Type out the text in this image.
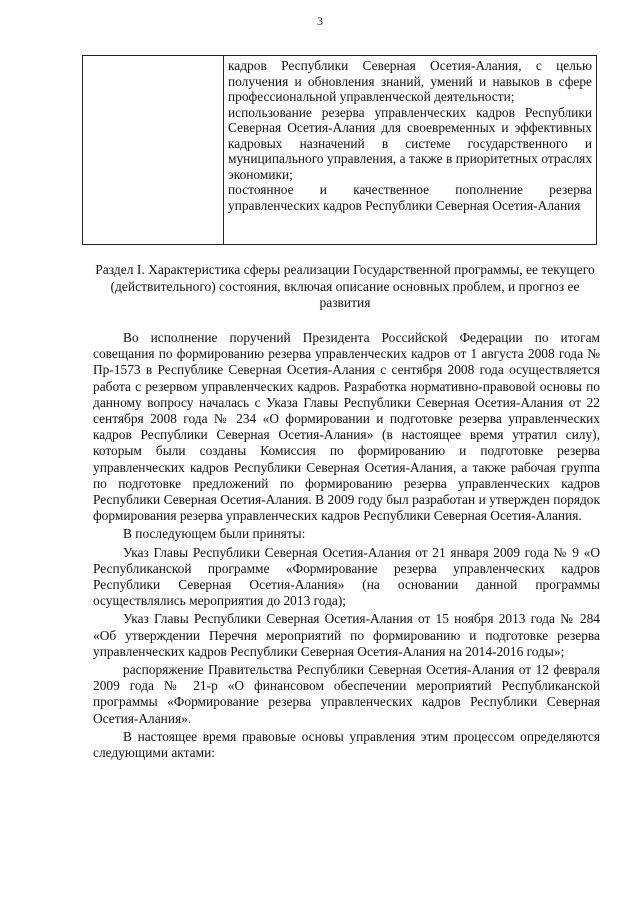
3

кадров Республики Северная Осетия-Алания, с целью получения и обновления знаний, умений и навыков в сфере профессиональной управленческой деятельности;

использование резерва управленческих кадров Республики Северная Осетия-Алания для своевременных и эффективных кадровых назначений в системе государственного и муниципального управления, а также в приоритетных отраслях экономики;

постоянное и качественное пополнение резерва управленческих кадров Республики Северная Осетия-Алания

Раздел I. Характеристика сферы реализации Государственной программы, ее текущего (действительного) состояния, включая описание основных проблем, и прогноз ее развития

Во исполнение поручений Президента Российской Федерации по итогам совещания по формированию резерва управленческих кадров от 1 августа 2008 года № Пр-1573 в Республике Северная Осетия-Алания с сентября 2008 года осуществляется работа с резервом управленческих кадров. Разработка нормативно-правовой основы по данному вопросу началась с Указа Главы Республики Северная Осетия-Алания от 22 сентября 2008 года № 234 «О формировании и подготовке резерва управленческих кадров Республики Северная Осетия-Алания» (в настоящее время утратил силу), которым были созданы Комиссия по формированию и подготовке резерва управленческих кадров Республики Северная Осетия-Алания, а также рабочая группа по подготовке предложений по формированию резерва управленческих кадров Республики Северная Осетия-Алания. В 2009 году был разработан и утвержден порядок формирования резерва управленческих кадров Республики Северная Осетия-Алания.

В последующем были приняты:

Указ Главы Республики Северная Осетия-Алания от 21 января 2009 года № 9 «О Республиканской программе «Формирование резерва управленческих кадров Республики Северная Осетия-Алания» (на основании данной программы осуществлялись мероприятия до 2013 года);

Указ Главы Республики Северная Осетия-Алания от 15 ноября 2013 года № 284 «Об утверждении Перечня мероприятий по формированию и подготовке резерва управленческих кадров Республики Северная Осетия-Алания на 2014-2016 годы»;

распоряжение Правительства Республики Северная Осетия-Алания от 12 февраля 2009 года № 21-р «О финансовом обеспечении мероприятий Республиканской программы «Формирование резерва управленческих кадров Республики Северная Осетия-Алания».

В настоящее время правовые основы управления этим процессом определяются следующими актами:
